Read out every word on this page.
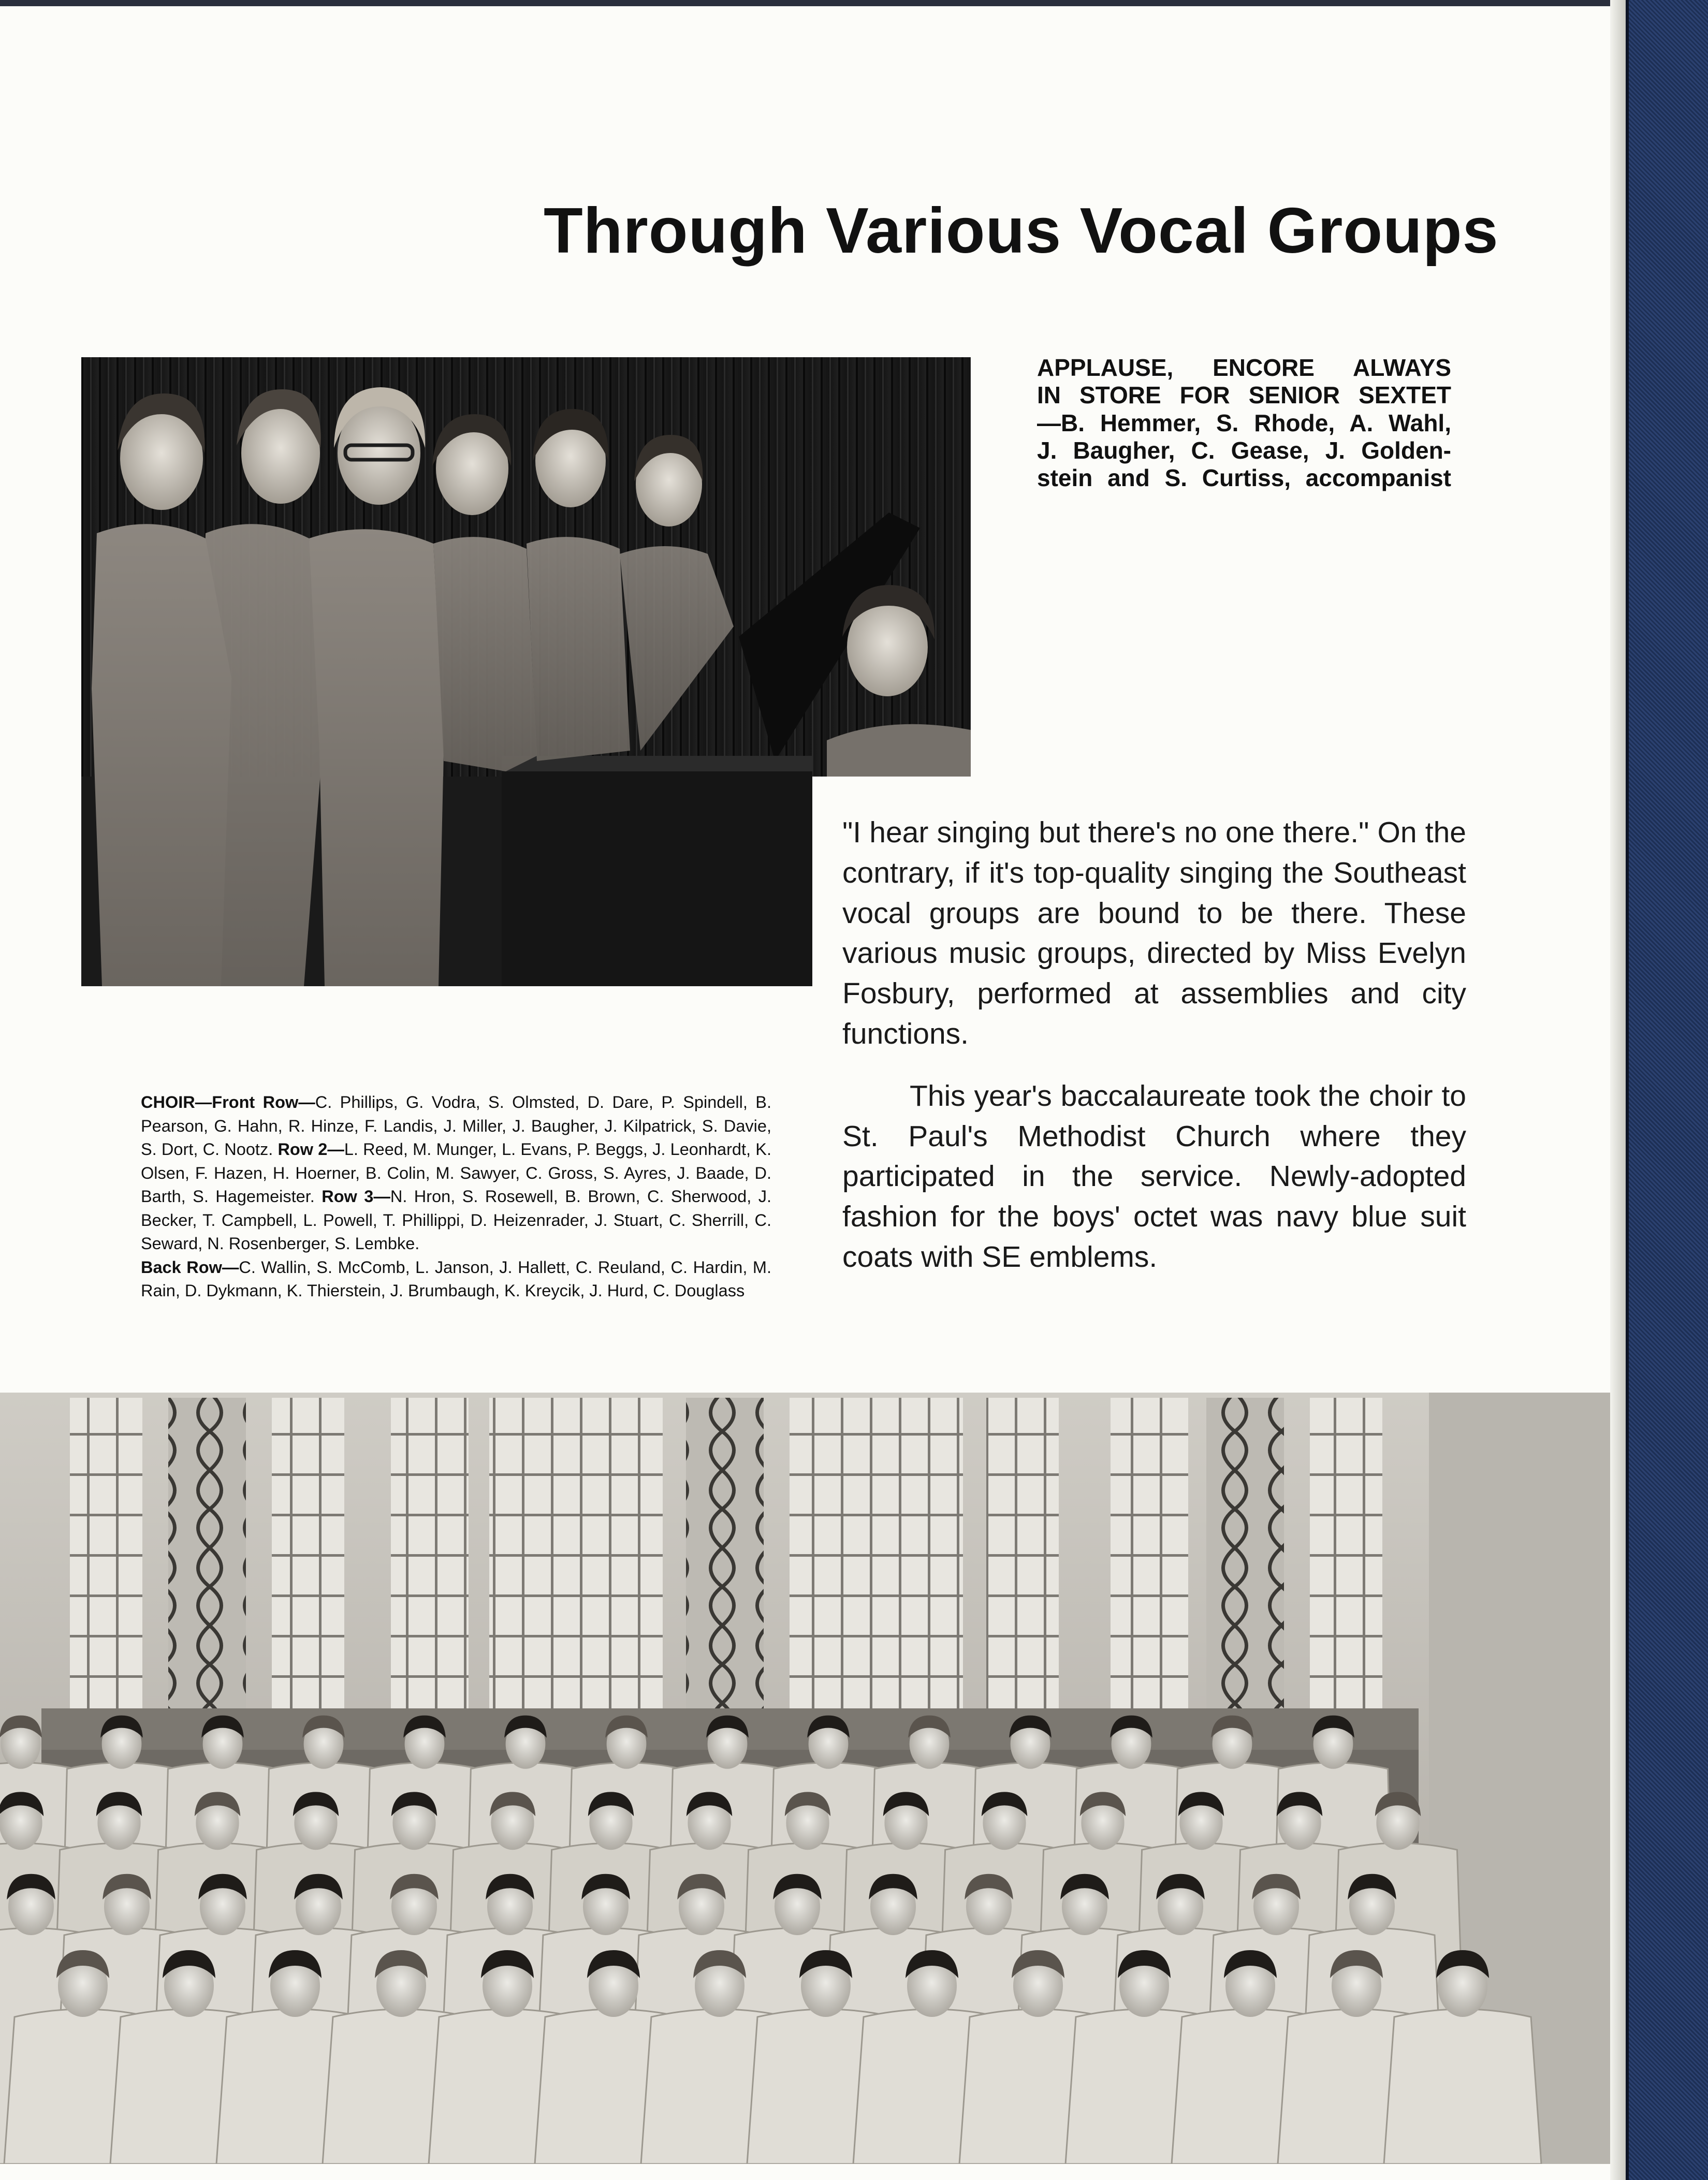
Through Various Vocal Groups
APPLAUSE, ENCORE ALWAYS
IN STORE FOR SENIOR SEXTET
—B. Hemmer, S. Rhode, A. Wahl,
J. Baugher, C. Gease, J. Golden-
stein and S. Curtiss, accompanist

"I hear singing but there's no one there." On the contrary, if it's top-quality singing the Southeast vocal groups are bound to be there. These various music groups, directed by Miss Evelyn Fosbury, performed at assemblies and city functions.

This year's baccalaureate took the choir to St. Paul's Methodist Church where they participated in the service. Newly-adopted fashion for the boys' octet was navy blue suit coats with SE emblems.

CHOIR—Front Row—C. Phillips, G. Vodra, S. Olmsted, D. Dare, P. Spindell, B. Pearson, G. Hahn, R. Hinze, F. Landis, J. Miller, J. Baugher, J. Kilpatrick, S. Davie, S. Dort, C. Nootz. Row 2—L. Reed, M. Munger, L. Evans, P. Beggs, J. Leonhardt, K. Olsen, F. Hazen, H. Hoerner, B. Colin, M. Sawyer, C. Gross, S. Ayres, J. Baade, D. Barth, S. Hagemeister. Row 3—N. Hron, S. Rosewell, B. Brown, C. Sherwood, J. Becker, T. Campbell, L. Powell, T. Phillippi, D. Heizenrader, J. Stuart, C. Sherrill, C. Seward, N. Rosenberger, S. Lembke.
Back Row—C. Wallin, S. McComb, L. Janson, J. Hallett, C. Reuland, C. Hardin, M. Rain, D. Dykmann, K. Thierstein, J. Brumbaugh, K. Kreycik, J. Hurd, C. Douglass
